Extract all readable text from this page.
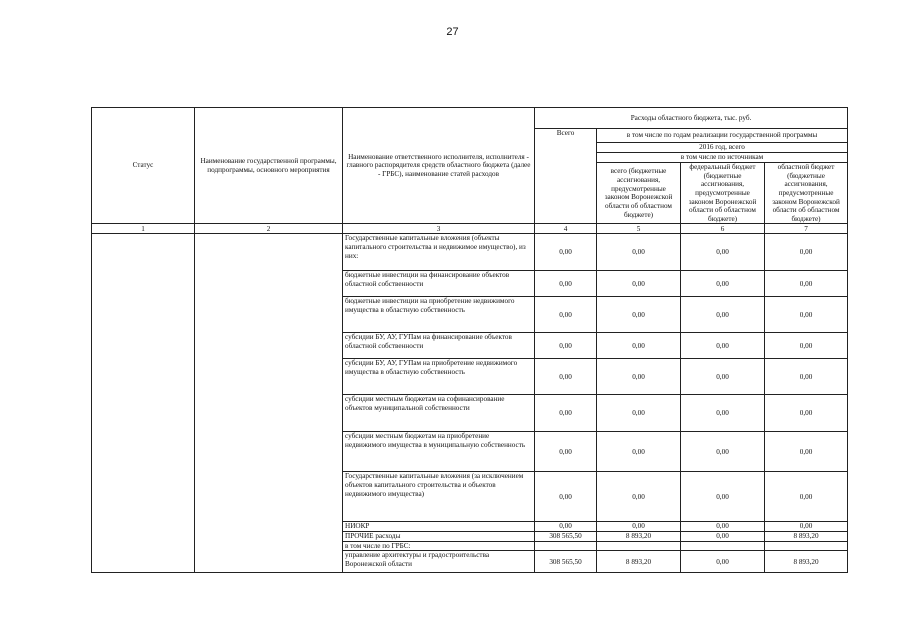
27
Статус	Наименование государственной программы, подпрограммы, основного мероприятия	Наименование ответственного исполнителя, исполнителя - главного распорядителя средств областного бюджета (далее - ГРБС), наименование статей расходов	Расходы областного бюджета, тыс. руб.			
			Всего	в том числе по годам реализации государственной программы		
				2016 год, всего		
				в том числе по источникам		
				всего (бюджетные ассигнования, предусмотренные законом Воронежской области об областном бюджете)	федеральный бюджет (бюджетные ассигнования, предусмотренные законом Воронежской области об областном бюджете)	областной бюджет (бюджетные ассигнования, предусмотренные законом Воронежской области об областном бюджете)
1	2	3	4	5	6	7
		Государственные капитальные вложения (объекты капитального строительства и недвижимое имущество), из них:	0,00	0,00	0,00	0,00
		бюджетные инвестиции на финансирование объектов областной собственности	0,00	0,00	0,00	0,00
		бюджетные инвестиции на приобретение недвижимого имущества в областную собственность	0,00	0,00	0,00	0,00
		субсидии БУ, АУ, ГУПам на финансирование объектов областной собственности	0,00	0,00	0,00	0,00
		субсидии БУ, АУ, ГУПам на приобретение недвижимого имущества в областную собственность	0,00	0,00	0,00	0,00
		субсидии местным бюджетам на софинансирование объектов муниципальной собственности	0,00	0,00	0,00	0,00
		субсидии местным бюджетам на приобретение недвижимого имущества в муниципальную собственность	0,00	0,00	0,00	0,00
		Государственные капитальные вложения (за исключением объектов капитального строительства и объектов недвижимого имущества)	0,00	0,00	0,00	0,00
		НИОКР	0,00	0,00	0,00	0,00
		ПРОЧИЕ расходы	308 565,50	8 893,20	0,00	8 893,20
		в том числе по ГРБС:				
		управление архитектуры и градостроительства Воронежской области	308 565,50	8 893,20	0,00	8 893,20
